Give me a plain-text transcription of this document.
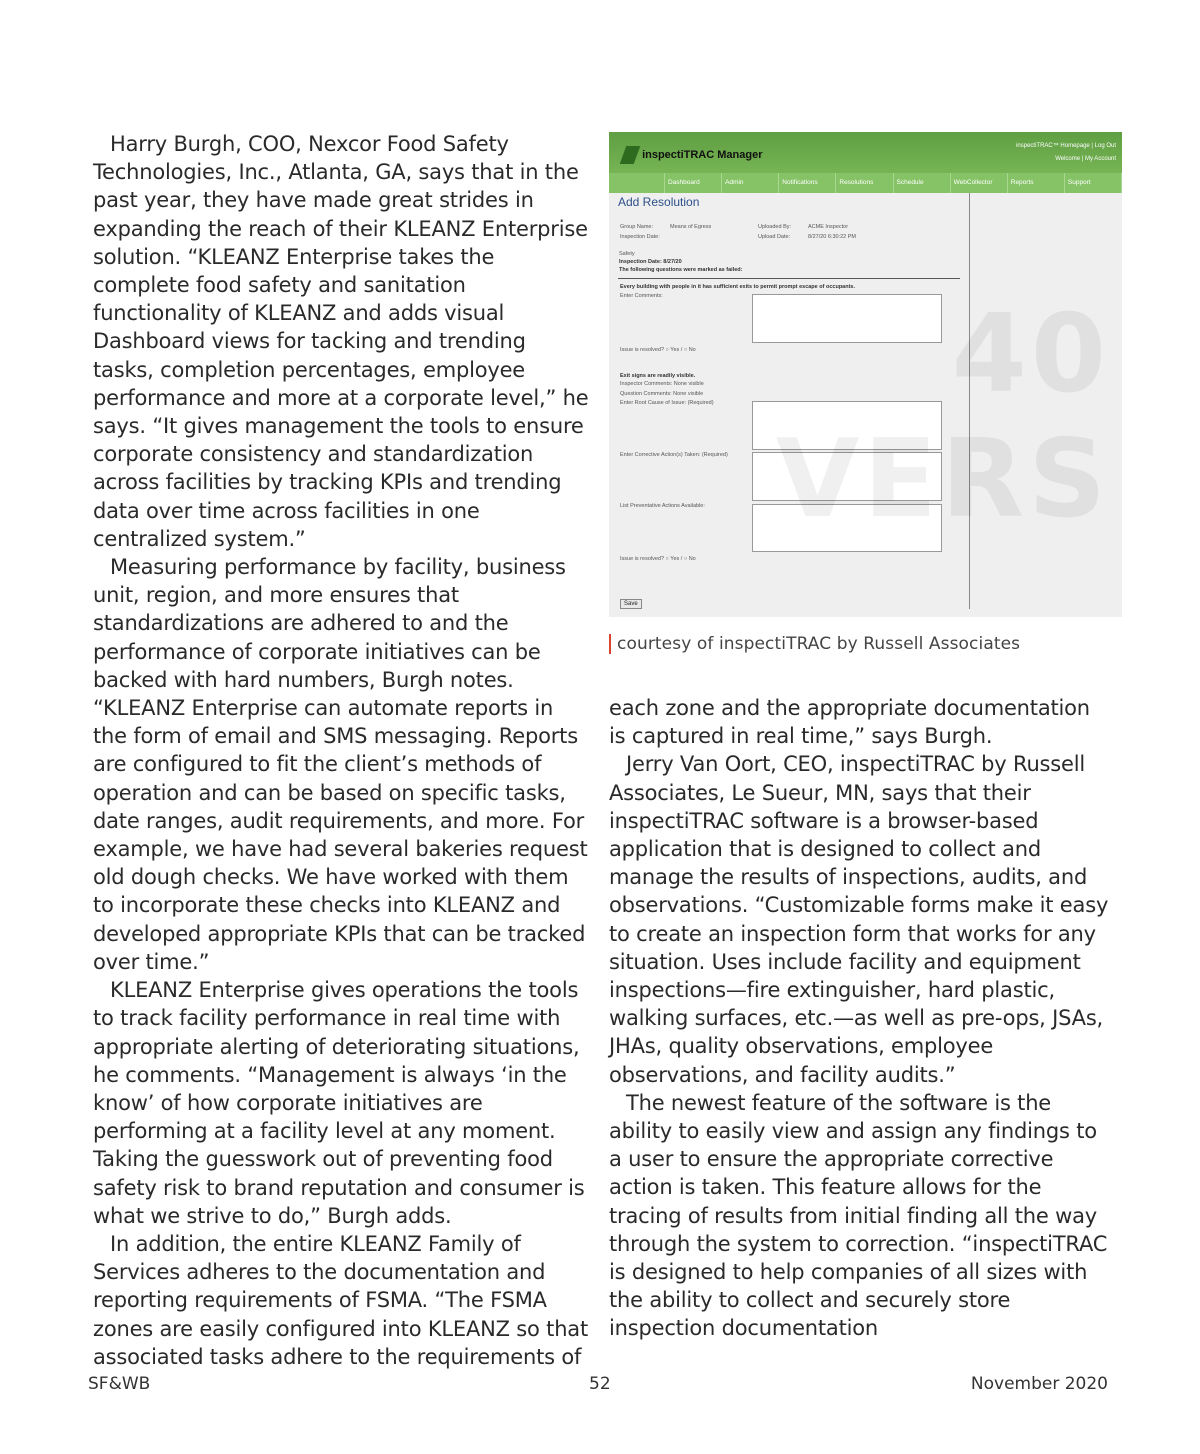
Harry Burgh, COO, Nexcor Food Safety Technologies, Inc., Atlanta, GA, says that in the past year, they have made great strides in expanding the reach of their KLEANZ Enterprise solution. “KLEANZ Enterprise takes the complete food safety and sanitation functionality of KLEANZ and adds visual Dashboard views for tacking and trending tasks, completion percentages, employee performance and more at a corporate level,” he says. “It gives management the tools to ensure corporate consistency and standardization across facilities by tracking KPIs and trending data over time across facilities in one centralized system.”

Measuring performance by facility, business unit, region, and more ensures that standardizations are adhered to and the performance of corporate initiatives can be backed with hard numbers, Burgh notes. “KLEANZ Enterprise can automate reports in the form of email and SMS messaging. Reports are configured to fit the client’s methods of operation and can be based on specific tasks, date ranges, audit requirements, and more. For example, we have had several bakeries request old dough checks. We have worked with them to incorporate these checks into KLEANZ and developed appropriate KPIs that can be tracked over time.”

KLEANZ Enterprise gives operations the tools to track facility performance in real time with appropriate alerting of deteriorating situations, he comments. “Management is always ‘in the know’ of how corporate initiatives are performing at a facility level at any moment. Taking the guesswork out of preventing food safety risk to brand reputation and consumer is what we strive to do,” Burgh adds.

In addition, the entire KLEANZ Family of Services adheres to the documentation and reporting requirements of FSMA. “The FSMA zones are easily configured into KLEANZ so that associated tasks adhere to the requirements of

inspectiTRAC Manager
inspectiTRAC™ Homepage | Log Out
Welcome | My Account
Dashboard	Admin	Notifications	Resolutions	Schedule	WebCollector	Reports	Support
Add Resolution
Group Name:	Means of Egress
Inspection Date:
Uploaded By:	ACME Inspector
Upload Date:	8/27/20 6:30:22 PM
Safety
Inspection Date: 8/27/20
The following questions were marked as failed:
Every building with people in it has sufficient exits to permit prompt escape of occupants.
Enter Comments:
Issue is resolved? ○ Yes / ○ No
Exit signs are readily visible.
Inspector Comments: None visible
Question Comments: None visible
Enter Root Cause of Issue: (Required)
Enter Corrective Action(s) Taken: (Required)
List Preventative Actions Available:
Issue is resolved? ○ Yes / ○ No
Save
40 VERS
courtesy of inspectiTRAC by Russell Associates

each zone and the appropriate documentation is captured in real time,” says Burgh.

Jerry Van Oort, CEO, inspectiTRAC by Russell Associates, Le Sueur, MN, says that their inspectiTRAC software is a browser-based application that is designed to collect and manage the results of inspections, audits, and observations. “Customizable forms make it easy to create an inspection form that works for any situation. Uses include facility and equipment inspections—fire extinguisher, hard plastic, walking surfaces, etc.—as well as pre-ops, JSAs, JHAs, quality observations, employee observations, and facility audits.”

The newest feature of the software is the ability to easily view and assign any findings to a user to ensure the appropriate corrective action is taken. This feature allows for the tracing of results from initial finding all the way through the system to correction. “inspectiTRAC is designed to help companies of all sizes with the ability to collect and securely store inspection documentation

SF&WB	52	November 2020
